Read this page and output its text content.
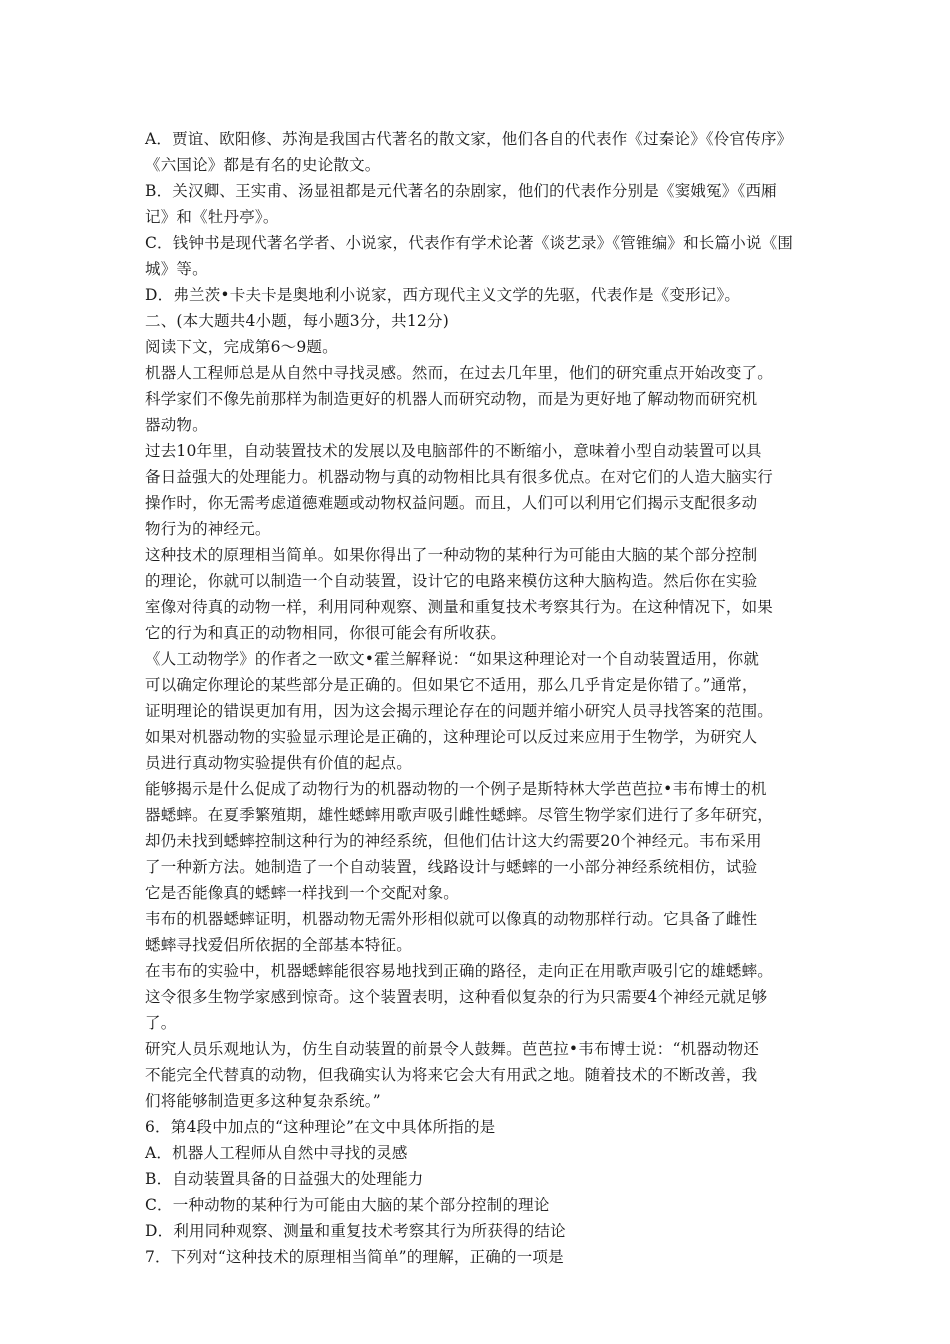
A．贾谊、欧阳修、苏洵是我国古代著名的散文家，他们各自的代表作《过秦论》《伶官传序》
《六国论》都是有名的史论散文。
B．关汉卿、王实甫、汤显祖都是元代著名的杂剧家，他们的代表作分别是《窦娥冤》《西厢
记》和《牡丹亭》。
C．钱钟书是现代著名学者、小说家，代表作有学术论著《谈艺录》《管锥编》和长篇小说《围
城》等。
D．弗兰茨•卡夫卡是奥地利小说家，西方现代主义文学的先驱，代表作是《变形记》。
二、(本大题共4小题，每小题3分，共12分)
阅读下文，完成第6～9题。
机器人工程师总是从自然中寻找灵感。然而，在过去几年里，他们的研究重点开始改变了。
科学家们不像先前那样为制造更好的机器人而研究动物，而是为更好地了解动物而研究机
器动物。
过去10年里，自动装置技术的发展以及电脑部件的不断缩小，意味着小型自动装置可以具
备日益强大的处理能力。机器动物与真的动物相比具有很多优点。在对它们的人造大脑实行
操作时，你无需考虑道德难题或动物权益问题。而且，人们可以利用它们揭示支配很多动
物行为的神经元。
这种技术的原理相当简单。如果你得出了一种动物的某种行为可能由大脑的某个部分控制
的理论，你就可以制造一个自动装置，设计它的电路来模仿这种大脑构造。然后你在实验
室像对待真的动物一样，利用同种观察、测量和重复技术考察其行为。在这种情况下，如果
它的行为和真正的动物相同，你很可能会有所收获。
《人工动物学》的作者之一欧文•霍兰解释说：“如果这种理论对一个自动装置适用，你就
可以确定你理论的某些部分是正确的。但如果它不适用，那么几乎肯定是你错了。”通常，
证明理论的错误更加有用，因为这会揭示理论存在的问题并缩小研究人员寻找答案的范围。
如果对机器动物的实验显示理论是正确的，这种理论可以反过来应用于生物学，为研究人
员进行真动物实验提供有价值的起点。
能够揭示是什么促成了动物行为的机器动物的一个例子是斯特林大学芭芭拉•韦布博士的机
器蟋蟀。在夏季繁殖期，雄性蟋蟀用歌声吸引雌性蟋蟀。尽管生物学家们进行了多年研究，
却仍未找到蟋蟀控制这种行为的神经系统，但他们估计这大约需要20个神经元。韦布采用
了一种新方法。她制造了一个自动装置，线路设计与蟋蟀的一小部分神经系统相仿，试验
它是否能像真的蟋蟀一样找到一个交配对象。
韦布的机器蟋蟀证明，机器动物无需外形相似就可以像真的动物那样行动。它具备了雌性
蟋蟀寻找爱侣所依据的全部基本特征。
在韦布的实验中，机器蟋蟀能很容易地找到正确的路径，走向正在用歌声吸引它的雄蟋蟀。
这令很多生物学家感到惊奇。这个装置表明，这种看似复杂的行为只需要4个神经元就足够
了。
研究人员乐观地认为，仿生自动装置的前景令人鼓舞。芭芭拉•韦布博士说：“机器动物还
不能完全代替真的动物，但我确实认为将来它会大有用武之地。随着技术的不断改善，我
们将能够制造更多这种复杂系统。”
6．第4段中加点的“这种理论”在文中具体所指的是
A．机器人工程师从自然中寻找的灵感
B．自动装置具备的日益强大的处理能力
C．一种动物的某种行为可能由大脑的某个部分控制的理论
D．利用同种观察、测量和重复技术考察其行为所获得的结论
7．下列对“这种技术的原理相当简单”的理解，正确的一项是
